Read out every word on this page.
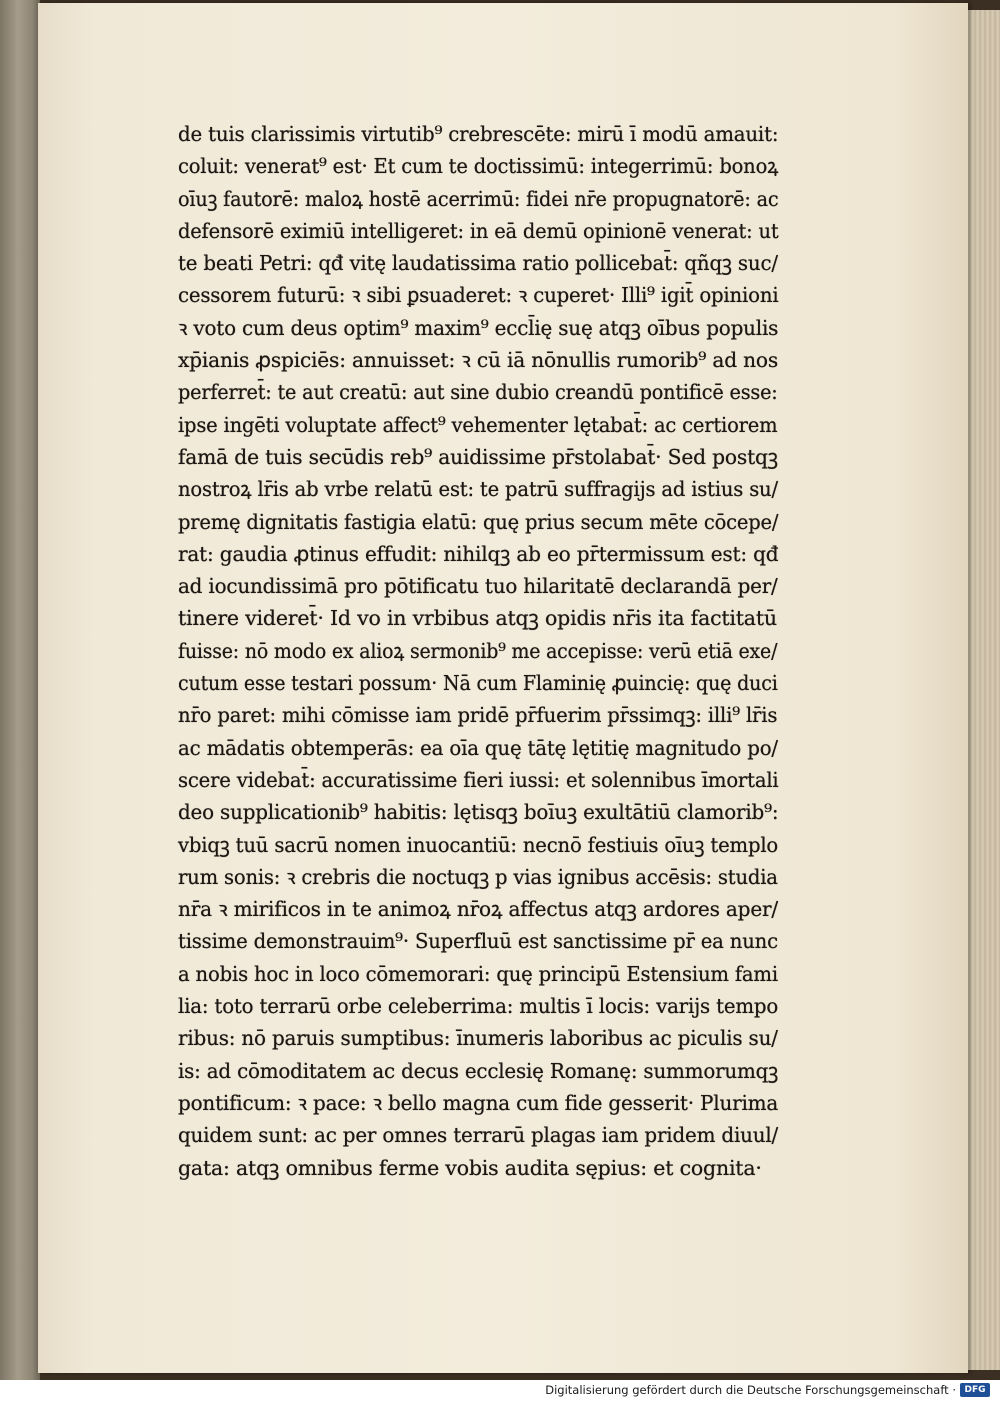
de tuis clarissimis virtutib⁹ crebrescēte: mirū ī modū amauit:
coluit: venerat⁹ est· Et cum te doctissimū: integerrimū: bonoꝝ
oīuꝫ fautorē: maloꝝ hostē acerrimū: fidei nr̄e propugnatorē: ac
defensorē eximiū intelligeret: in eā demū opinionē venerat: ut
te beati Petri: qđ vitę laudatissima ratio pollicebat̄: qñqꝫ suc/
cessorem futurū: ꝛ sibi ꝑsuaderet: ꝛ cuperet· Illi⁹ igit̄ opinioni
ꝛ voto cum deus optim⁹ maxim⁹ eccl̄ię suę atqꝫ oībus populis
xp̄ianis ꝓspiciēs: annuisset: ꝛ cū iā nōnullis rumorib⁹ ad nos
perferret̄: te aut creatū: aut sine dubio creandū pontificē esse:
ipse ingēti voluptate affect⁹ vehementer lętabat̄: ac certiorem
famā de tuis secūdis reb⁹ auidissime pr̄stolabat̄· Sed postqꝫ
nostroꝝ lr̄is ab vrbe relatū est: te patrū suffragijs ad istius su/
premę dignitatis fastigia elatū: quę prius secum mēte cōcepe/
rat: gaudia ꝓtinus effudit: nihilqꝫ ab eo pr̄termissum est: qđ
ad iocundissimā pro pōtificatu tuo hilaritatē declarandā per/
tinere videret̄· Id vo in vrbibus atqꝫ opidis nr̄is ita factitatū
fuisse: nō modo ex alioꝝ sermonib⁹ me accepisse: verū etiā exe/
cutum esse testari possum· Nā cum Flaminię ꝓuincię: quę duci
nr̄o paret: mihi cōmisse iam pridē pr̄fuerim pr̄ssimqꝫ: illi⁹ lr̄is
ac mādatis obtemperās: ea oīa quę tātę lętitię magnitudo po/
scere videbat̄: accuratissime fieri iussi: et solennibus īmortali
deo supplicationib⁹ habitis: lętisqꝫ boīuꝫ exultātiū clamorib⁹:
vbiqꝫ tuū sacrū nomen inuocantiū: necnō festiuis oīuꝫ templo
rum sonis: ꝛ crebris die noctuqꝫ p vias ignibus accēsis: studia
nr̄a ꝛ mirificos in te animoꝝ nr̄oꝝ affectus atqꝫ ardores aper/
tissime demonstrauim⁹· Superfluū est sanctissime pr̄ ea nunc
a nobis hoc in loco cōmemorari: quę principū Estensium fami
lia: toto terrarū orbe celeberrima: multis ī locis: varijs tempo
ribus: nō paruis sumptibus: īnumeris laboribus ac piculis su/
is: ad cōmoditatem ac decus ecclesię Romanę: summorumqꝫ
pontificum: ꝛ pace: ꝛ bello magna cum fide gesserit· Plurima
quidem sunt: ac per omnes terrarū plagas iam pridem diuul/
gata: atqꝫ omnibus ferme vobis audita sępius: et cognita·
Digitalisierung gefördert durch die Deutsche Forschungsgemeinschaft · DFG
